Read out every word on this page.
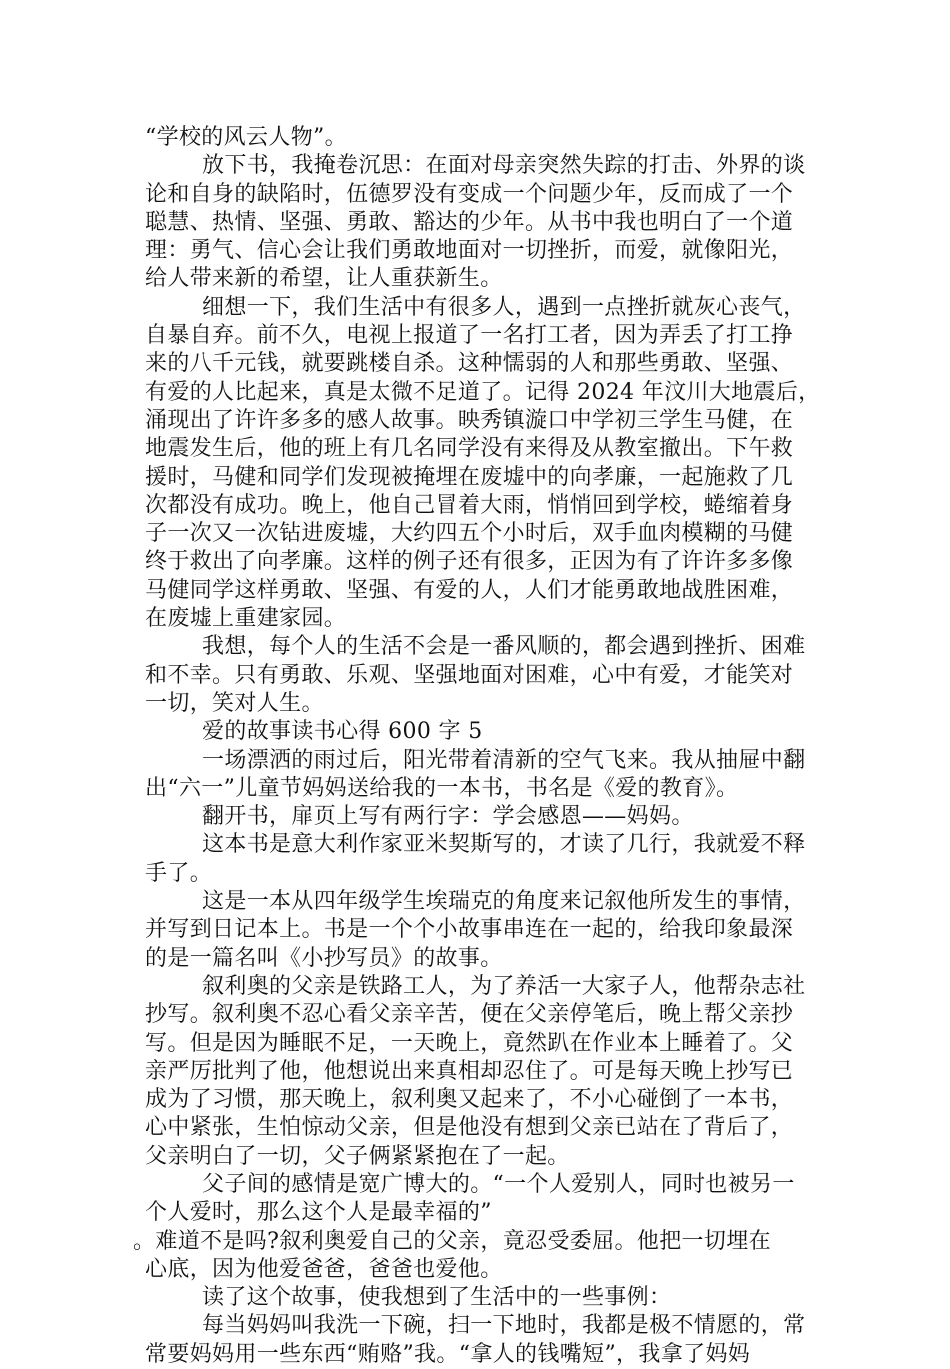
“学校的风云人物”。
放下书，我掩卷沉思：在面对母亲突然失踪的打击、外界的谈
论和自身的缺陷时，伍德罗没有变成一个问题少年，反而成了一个
聪慧、热情、坚强、勇敢、豁达的少年。从书中我也明白了一个道
理：勇气、信心会让我们勇敢地面对一切挫折，而爱，就像阳光，
给人带来新的希望，让人重获新生。
细想一下，我们生活中有很多人，遇到一点挫折就灰心丧气，
自暴自弃。前不久，电视上报道了一名打工者，因为弄丢了打工挣
来的八千元钱，就要跳楼自杀。这种懦弱的人和那些勇敢、坚强、
有爱的人比起来，真是太微不足道了。记得 2024 年汶川大地震后，
涌现出了许许多多的感人故事。映秀镇漩口中学初三学生马健，在
地震发生后，他的班上有几名同学没有来得及从教室撤出。下午救
援时，马健和同学们发现被掩埋在废墟中的向孝廉，一起施救了几
次都没有成功。晚上，他自己冒着大雨，悄悄回到学校，蜷缩着身
子一次又一次钻进废墟，大约四五个小时后，双手血肉模糊的马健
终于救出了向孝廉。这样的例子还有很多，正因为有了许许多多像
马健同学这样勇敢、坚强、有爱的人，人们才能勇敢地战胜困难，
在废墟上重建家园。
我想，每个人的生活不会是一番风顺的，都会遇到挫折、困难
和不幸。只有勇敢、乐观、坚强地面对困难，心中有爱，才能笑对
一切，笑对人生。
爱的故事读书心得 600 字 5
一场漂洒的雨过后，阳光带着清新的空气飞来。我从抽屉中翻
出“六一”儿童节妈妈送给我的一本书，书名是《爱的教育》。
翻开书，扉页上写有两行字：学会感恩——妈妈。
这本书是意大利作家亚米契斯写的，才读了几行，我就爱不释
手了。
这是一本从四年级学生埃瑞克的角度来记叙他所发生的事情，
并写到日记本上。书是一个个小故事串连在一起的，给我印象最深
的是一篇名叫《小抄写员》的故事。
叙利奥的父亲是铁路工人，为了养活一大家子人，他帮杂志社
抄写。叙利奥不忍心看父亲辛苦，便在父亲停笔后，晚上帮父亲抄
写。但是因为睡眠不足，一天晚上，竟然趴在作业本上睡着了。父
亲严厉批判了他，他想说出来真相却忍住了。可是每天晚上抄写已
成为了习惯，那天晚上，叙利奥又起来了，不小心碰倒了一本书，
心中紧张，生怕惊动父亲，但是他没有想到父亲已站在了背后了，
父亲明白了一切，父子俩紧紧抱在了一起。
父子间的感情是宽广博大的。“一个人爱别人，同时也被另一
个人爱时，那么这个人是最幸福的”
。难道不是吗?叙利奥爱自己的父亲，竟忍受委屈。他把一切埋在
心底，因为他爱爸爸，爸爸也爱他。
读了这个故事，使我想到了生活中的一些事例：
每当妈妈叫我洗一下碗，扫一下地时，我都是极不情愿的，常
常要妈妈用一些东西“贿赂”我。“拿人的钱嘴短”，我拿了妈妈
